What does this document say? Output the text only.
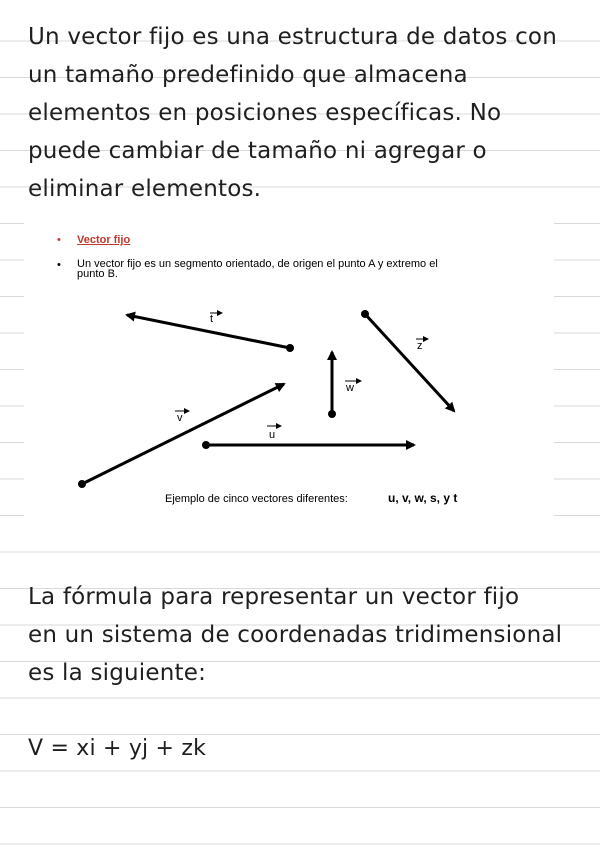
Un vector fijo es una estructura de datos con
un tamaño predefinido que almacena
elementos en posiciones específicas. No
puede cambiar de tamaño ni agregar o
eliminar elementos.
• Vector fijo
• Un vector fijo es un segmento orientado, de origen el punto A y extremo el
punto B.
t
z
w
v
u
Ejemplo de cinco vectores diferentes:	u, v, w, s, y t
La fórmula para representar un vector fijo
en un sistema de coordenadas tridimensional
es la siguiente:
V = xi + yj + zk
